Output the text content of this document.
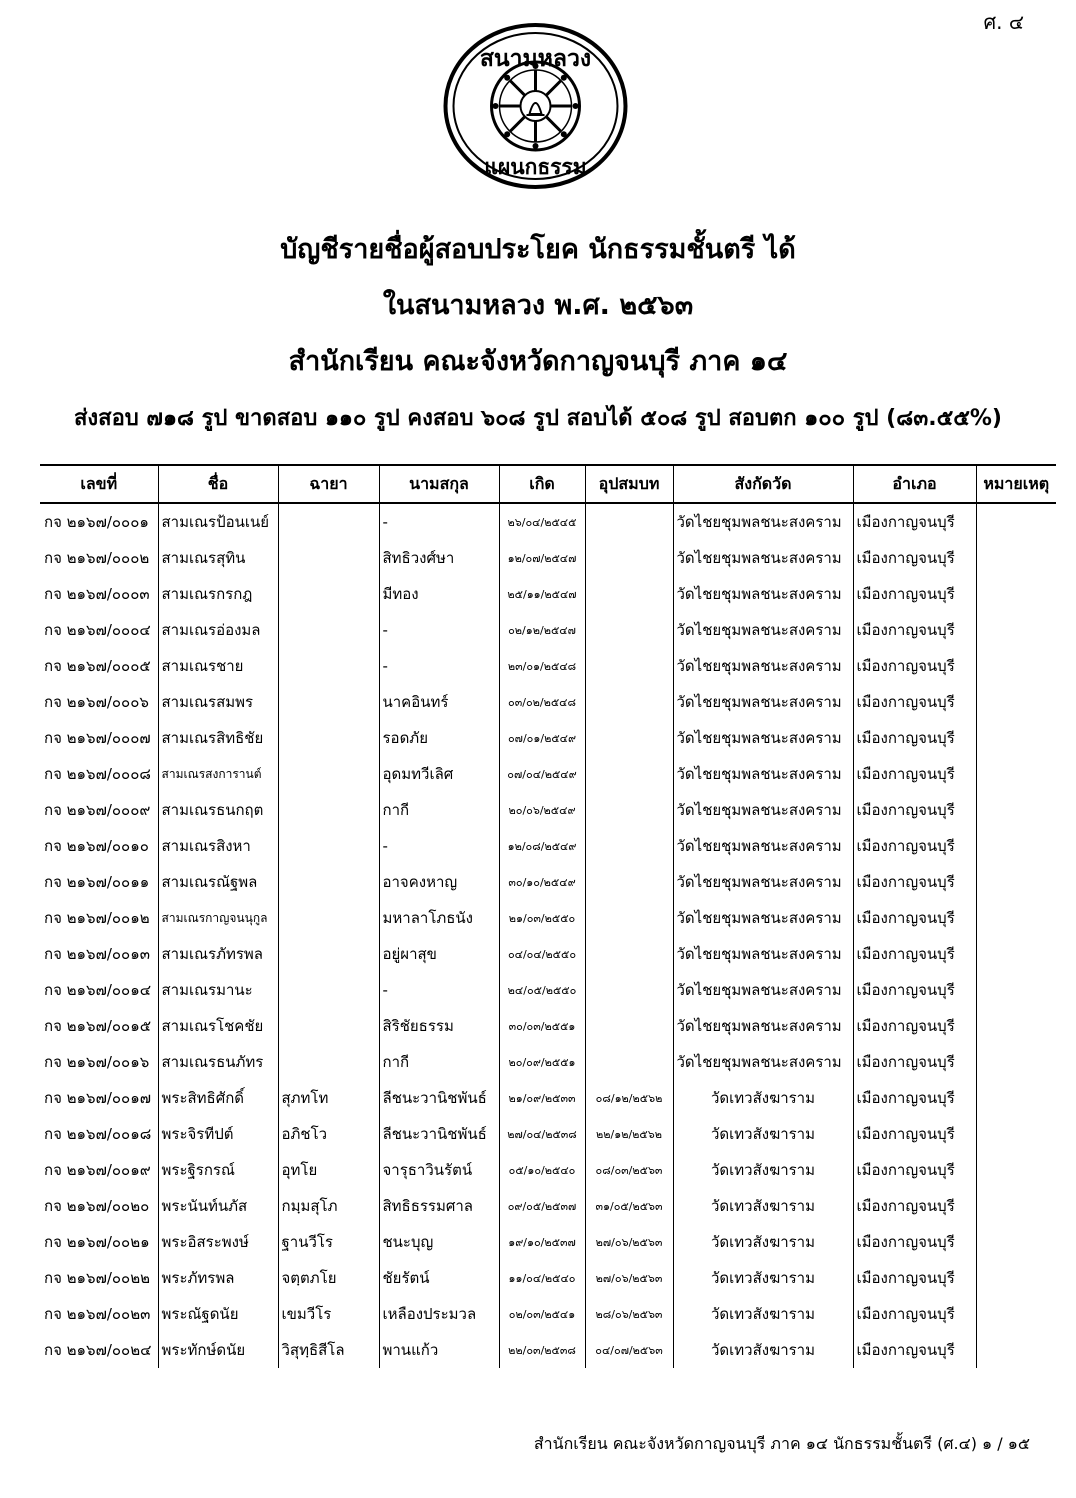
ศ. ๔
สนามหลวง
แผนกธรรม
บัญชีรายชื่อผู้สอบประโยค นักธรรมชั้นตรี ได้
ในสนามหลวง พ.ศ. ๒๕๖๓
สำนักเรียน คณะจังหวัดกาญจนบุรี ภาค ๑๔
ส่งสอบ ๗๑๘ รูป ขาดสอบ ๑๑๐ รูป คงสอบ ๖๐๘ รูป สอบได้ ๕๐๘ รูป สอบตก ๑๐๐ รูป (๘๓.๕๕%)
เลขที่	ชื่อ	ฉายา	นามสกุล	เกิด	อุปสมบท	สังกัดวัด	อำเภอ	หมายเหตุ
กจ ๒๑๖๗/๐๐๐๑	สามเณรป้อนเนย์		-	๒๖/๐๔/๒๕๔๕		วัดไชยชุมพลชนะสงคราม	เมืองกาญจนบุรี	
กจ ๒๑๖๗/๐๐๐๒	สามเณรสุทิน		สิทธิวงศ์ษา	๑๒/๐๗/๒๕๔๗		วัดไชยชุมพลชนะสงคราม	เมืองกาญจนบุรี	
กจ ๒๑๖๗/๐๐๐๓	สามเณรกรกฎ		มีทอง	๒๕/๑๑/๒๕๔๗		วัดไชยชุมพลชนะสงคราม	เมืองกาญจนบุรี	
กจ ๒๑๖๗/๐๐๐๔	สามเณรอ่องมล		-	๐๒/๑๒/๒๕๔๗		วัดไชยชุมพลชนะสงคราม	เมืองกาญจนบุรี	
กจ ๒๑๖๗/๐๐๐๕	สามเณรชาย		-	๒๓/๐๑/๒๕๔๘		วัดไชยชุมพลชนะสงคราม	เมืองกาญจนบุรี	
กจ ๒๑๖๗/๐๐๐๖	สามเณรสมพร		นาคอินทร์	๐๓/๐๒/๒๕๔๘		วัดไชยชุมพลชนะสงคราม	เมืองกาญจนบุรี	
กจ ๒๑๖๗/๐๐๐๗	สามเณรสิทธิชัย		รอดภัย	๐๗/๐๑/๒๕๔๙		วัดไชยชุมพลชนะสงคราม	เมืองกาญจนบุรี	
กจ ๒๑๖๗/๐๐๐๘	สามเณรสงการานต์		อุดมทวีเลิศ	๐๗/๐๔/๒๕๔๙		วัดไชยชุมพลชนะสงคราม	เมืองกาญจนบุรี	
กจ ๒๑๖๗/๐๐๐๙	สามเณรธนกฤต		กากี	๒๐/๐๖/๒๕๔๙		วัดไชยชุมพลชนะสงคราม	เมืองกาญจนบุรี	
กจ ๒๑๖๗/๐๐๑๐	สามเณรสิงหา		-	๑๒/๐๘/๒๕๔๙		วัดไชยชุมพลชนะสงคราม	เมืองกาญจนบุรี	
กจ ๒๑๖๗/๐๐๑๑	สามเณรณัฐพล		อาจคงหาญ	๓๐/๑๐/๒๕๔๙		วัดไชยชุมพลชนะสงคราม	เมืองกาญจนบุรี	
กจ ๒๑๖๗/๐๐๑๒	สามเณรกาญจนนุกูล		มหาลาโภธนัง	๒๑/๐๓/๒๕๕๐		วัดไชยชุมพลชนะสงคราม	เมืองกาญจนบุรี	
กจ ๒๑๖๗/๐๐๑๓	สามเณรภัทรพล		อยู่ผาสุข	๐๔/๐๔/๒๕๕๐		วัดไชยชุมพลชนะสงคราม	เมืองกาญจนบุรี	
กจ ๒๑๖๗/๐๐๑๔	สามเณรมานะ		-	๒๔/๐๕/๒๕๕๐		วัดไชยชุมพลชนะสงคราม	เมืองกาญจนบุรี	
กจ ๒๑๖๗/๐๐๑๕	สามเณรโชคชัย		สิริชัยธรรม	๓๐/๐๓/๒๕๕๑		วัดไชยชุมพลชนะสงคราม	เมืองกาญจนบุรี	
กจ ๒๑๖๗/๐๐๑๖	สามเณรธนภัทร		กากี	๒๐/๐๙/๒๕๕๑		วัดไชยชุมพลชนะสงคราม	เมืองกาญจนบุรี	
กจ ๒๑๖๗/๐๐๑๗	พระสิทธิศักดิ์	สุภทโท	ลีชนะวานิชพันธ์	๒๑/๐๙/๒๕๓๓	๐๘/๑๒/๒๕๖๒	วัดเทวสังฆาราม	เมืองกาญจนบุรี	
กจ ๒๑๖๗/๐๐๑๘	พระจิรทีปต์	อภิชโว	ลีชนะวานิชพันธ์	๒๗/๐๔/๒๕๓๘	๒๒/๑๒/๒๕๖๒	วัดเทวสังฆาราม	เมืองกาญจนบุรี	
กจ ๒๑๖๗/๐๐๑๙	พระฐิรกรณ์	อุทโย	จารุธาวินรัตน์	๐๕/๑๐/๒๕๔๐	๐๘/๐๓/๒๕๖๓	วัดเทวสังฆาราม	เมืองกาญจนบุรี	
กจ ๒๑๖๗/๐๐๒๐	พระนันท์นภัส	กมฺมสุโภ	สิทธิธรรมศาล	๐๙/๐๕/๒๕๓๗	๓๑/๐๕/๒๕๖๓	วัดเทวสังฆาราม	เมืองกาญจนบุรี	
กจ ๒๑๖๗/๐๐๒๑	พระอิสระพงษ์	ฐานวีโร	ชนะบุญ	๑๙/๑๐/๒๕๓๗	๒๗/๐๖/๒๕๖๓	วัดเทวสังฆาราม	เมืองกาญจนบุรี	
กจ ๒๑๖๗/๐๐๒๒	พระภัทรพล	จตฺตภโย	ชัยรัตน์	๑๑/๐๔/๒๕๔๐	๒๗/๐๖/๒๕๖๓	วัดเทวสังฆาราม	เมืองกาญจนบุรี	
กจ ๒๑๖๗/๐๐๒๓	พระณัฐดนัย	เขมวีโร	เหลืองประมวล	๐๒/๐๓/๒๕๔๑	๒๘/๐๖/๒๕๖๓	วัดเทวสังฆาราม	เมืองกาญจนบุรี	
กจ ๒๑๖๗/๐๐๒๔	พระทักษ์ดนัย	วิสุทฺธิสีโล	พานแก้ว	๒๒/๐๓/๒๕๓๘	๐๔/๐๗/๒๕๖๓	วัดเทวสังฆาราม	เมืองกาญจนบุรี	
สำนักเรียน คณะจังหวัดกาญจนบุรี ภาค ๑๔ นักธรรมชั้นตรี (ศ.๔) ๑ / ๑๕
